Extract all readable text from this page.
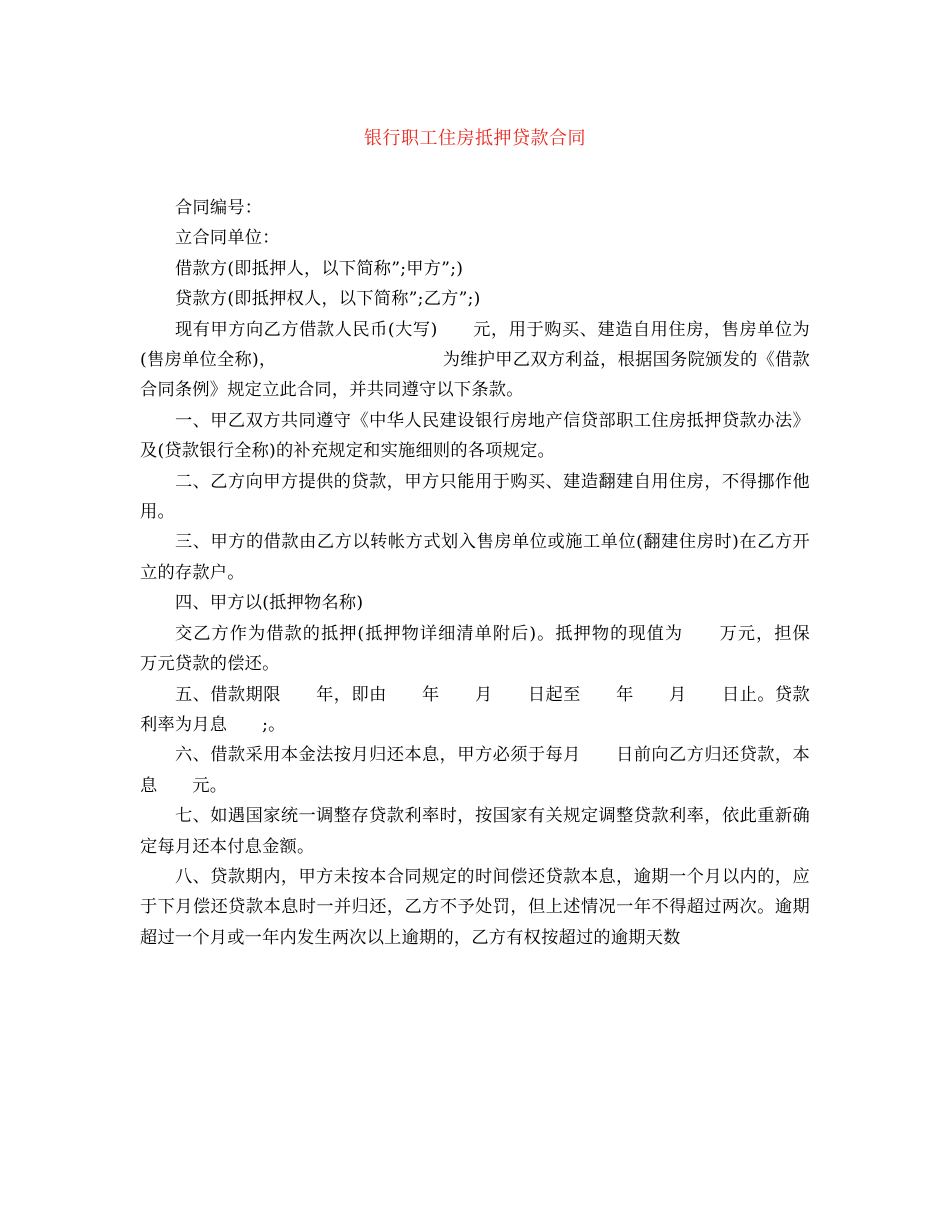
银行职工住房抵押贷款合同

合同编号：

立合同单位：

借款方(即抵押人，以下简称”;甲方”;)

贷款方(即抵押权人，以下简称”;乙方”;)

现有甲方向乙方借款人民币(大写)　　元，用于购买、建造自用住房，售房单位为(售房单位全称)，　　　　　　　　　　为维护甲乙双方利益，根据国务院颁发的《借款合同条例》规定立此合同，并共同遵守以下条款。

一、甲乙双方共同遵守《中华人民建设银行房地产信贷部职工住房抵押贷款办法》及(贷款银行全称)的补充规定和实施细则的各项规定。

二、乙方向甲方提供的贷款，甲方只能用于购买、建造翻建自用住房，不得挪作他用。

三、甲方的借款由乙方以转帐方式划入售房单位或施工单位(翻建住房时)在乙方开立的存款户。

四、甲方以(抵押物名称)

交乙方作为借款的抵押(抵押物详细清单附后)。抵押物的现值为　　万元，担保　　万元贷款的偿还。

五、借款期限　　年，即由　　年　　月　　日起至　　年　　月　　日止。贷款利率为月息　　;。

六、借款采用本金法按月归还本息，甲方必须于每月　　日前向乙方归还贷款，本息　　元。

七、如遇国家统一调整存贷款利率时，按国家有关规定调整贷款利率，依此重新确定每月还本付息金额。

八、贷款期内，甲方未按本合同规定的时间偿还贷款本息，逾期一个月以内的，应于下月偿还贷款本息时一并归还，乙方不予处罚，但上述情况一年不得超过两次。逾期超过一个月或一年内发生两次以上逾期的，乙方有权按超过的逾期天数
